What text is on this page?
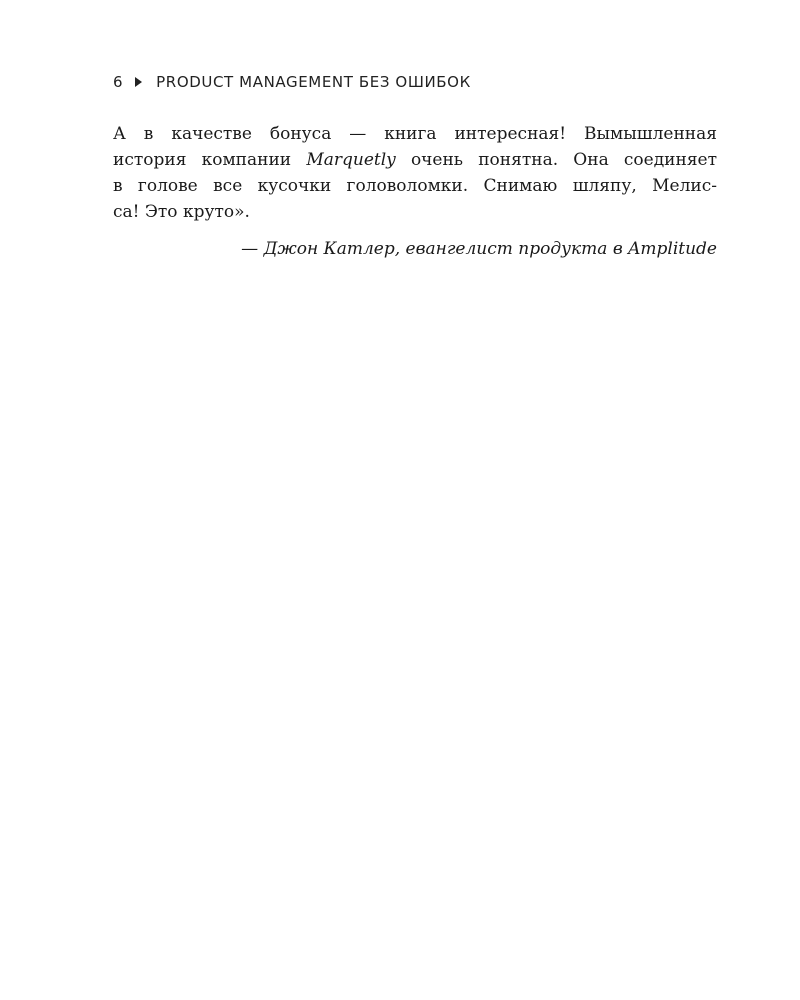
6 PRODUCT MANAGEMENT БЕЗ ОШИБОК
А в качестве бонуса — книга интересная! Вымышленная
история компании Marquetly очень понятна. Она соединяет
в голове все кусочки головоломки. Снимаю шляпу, Мелис-
са! Это круто».

— Джон Катлер, евангелист продукта в Amplitude
